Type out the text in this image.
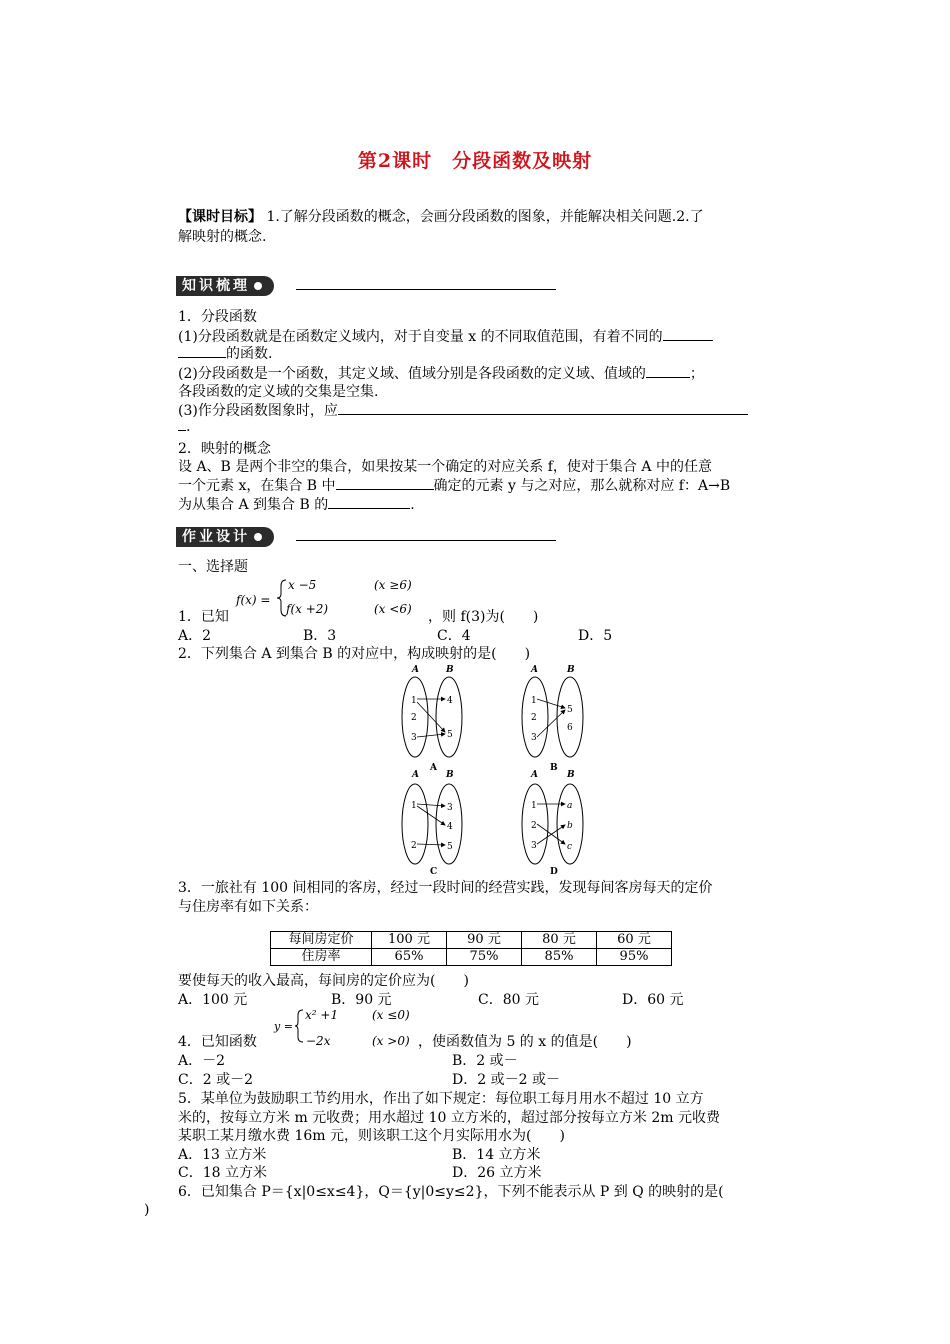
第2课时　分段函数及映射
【课时目标】 1.了解分段函数的概念，会画分段函数的图象，并能解决相关问题.2.了
解映射的概念.
知识梳理
1．分段函数
(1)分段函数就是在函数定义域内，对于自变量 x 的不同取值范围，有着不同的
的函数.
(2)分段函数是一个函数，其定义域、值域分别是各段函数的定义域、值域的	；
各段函数的定义域的交集是空集.
(3)作分段函数图象时，应
.
2．映射的概念
设 A、B 是两个非空的集合，如果按某一个确定的对应关系 f，使对于集合 A 中的任意
一个元素 x，在集合 B 中	确定的元素 y 与之对应，那么就称对应 f：A→B
为从集合 A 到集合 B 的	.
作业设计
一、选择题
f(x) =
x −5	(x ≥6)
f(x +2)	(x <6)
1．已知	，则 f(3)为(　　)
A．2	B．3	C．4	D．5
2．下列集合 A 到集合 B 的对应中，构成映射的是(　　)
A	B
1
2
3
4
5
A
A	B
1
2
3
5
6
B
A	B
1
2
3
4
5
C
A	B
1
2
3
a
b
c
D
3．一旅社有 100 间相同的客房，经过一段时间的经营实践，发现每间客房每天的定价
与住房率有如下关系：
每间房定价	100 元	90 元	80 元	60 元
住房率	65%	75%	85%	95%
要使每天的收入最高，每间房的定价应为(　　)
A．100 元	B．90 元	C．80 元	D．60 元
y =
x² +1	(x ≤0)
−2x	(x >0)
4．已知函数	，使函数值为 5 的 x 的值是(　　)
A．－2	B．2 或－
C．2 或－2	D．2 或－2 或－
5．某单位为鼓励职工节约用水，作出了如下规定：每位职工每月用水不超过 10 立方
米的，按每立方米 m 元收费；用水超过 10 立方米的，超过部分按每立方米 2m 元收费
某职工某月缴水费 16m 元，则该职工这个月实际用水为(　　)
A．13 立方米	B．14 立方米
C．18 立方米	D．26 立方米
6．已知集合 P＝{x|0≤x≤4}，Q＝{y|0≤y≤2}，下列不能表示从 P 到 Q 的映射的是(
)
